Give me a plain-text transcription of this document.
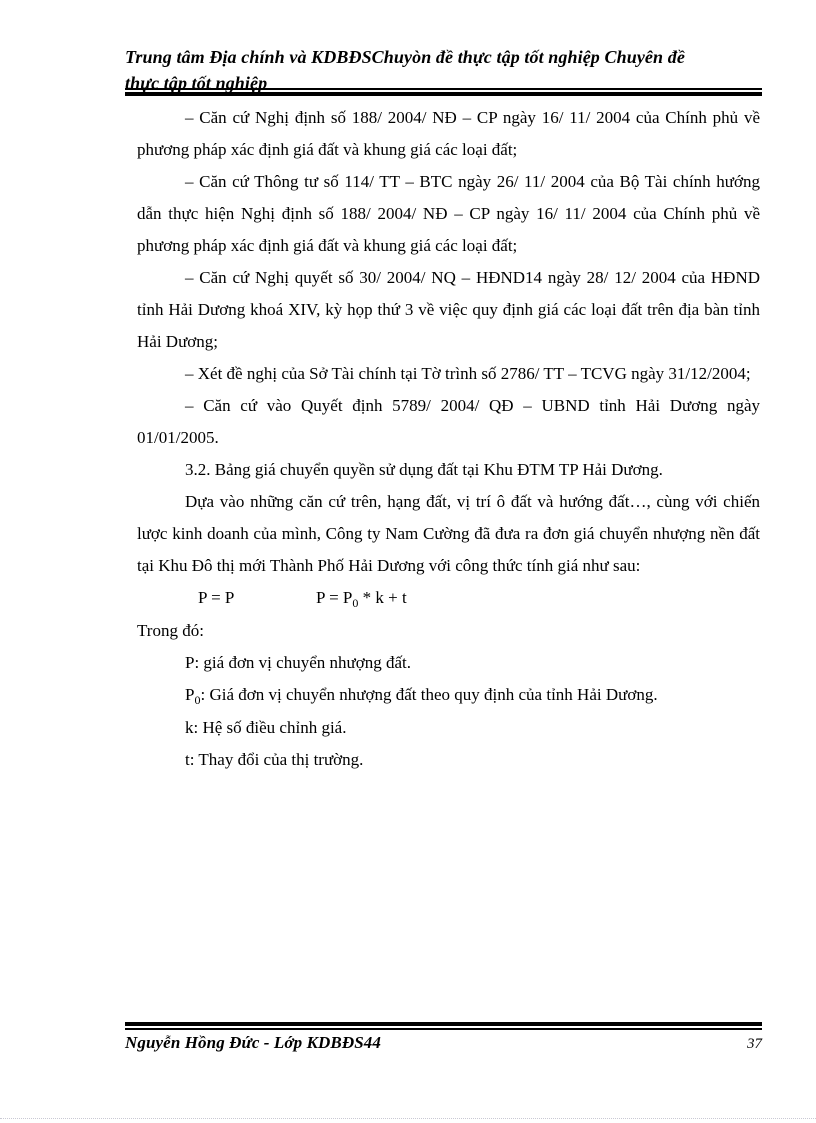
Trung tâm Địa chính và KDBĐSChuyòn đề thực tập tốt nghiệp Chuyên đề
thực tập tốt nghiệp

– Căn cứ Nghị định số 188/ 2004/ NĐ – CP ngày 16/ 11/ 2004 của Chính phủ về phương pháp xác định giá đất và khung giá các loại đất;

– Căn cứ Thông tư số 114/ TT – BTC ngày 26/ 11/ 2004 của Bộ Tài chính hướng dẫn thực hiện Nghị định số 188/ 2004/ NĐ – CP ngày 16/ 11/ 2004 của Chính phủ về phương pháp xác định giá đất và khung giá các loại đất;

– Căn cứ Nghị quyết số 30/ 2004/ NQ – HĐND14 ngày 28/ 12/ 2004 của HĐND tỉnh Hải Dương khoá XIV, kỳ họp thứ 3 về việc quy định giá các loại đất trên địa bàn tỉnh Hải Dương;

– Xét đề nghị của Sở Tài chính tại Tờ trình số 2786/ TT – TCVG ngày 31/12/2004;

– Căn cứ vào Quyết định 5789/ 2004/ QĐ – UBND tỉnh Hải Dương ngày 01/01/2005.

3.2. Bảng giá chuyển quyền sử dụng đất tại Khu ĐTM TP Hải Dương.

Dựa vào những căn cứ trên, hạng đất, vị trí ô đất và hướng đất…, cùng với chiến lược kinh doanh của mình, Công ty Nam Cường đã đưa ra đơn giá chuyển nhượng nền đất tại Khu Đô thị mới Thành Phố Hải Dương với công thức tính giá như sau:

P = P	$P = P_0 * k + t$

Trong đó:

P: giá đơn vị chuyển nhượng đất.

$P_0$: Giá đơn vị chuyển nhượng đất theo quy định của tỉnh Hải Dương.

k: Hệ số điều chỉnh giá.

t: Thay đổi của thị trường.

Nguyễn Hồng Đức - Lớp KDBĐS44	37
